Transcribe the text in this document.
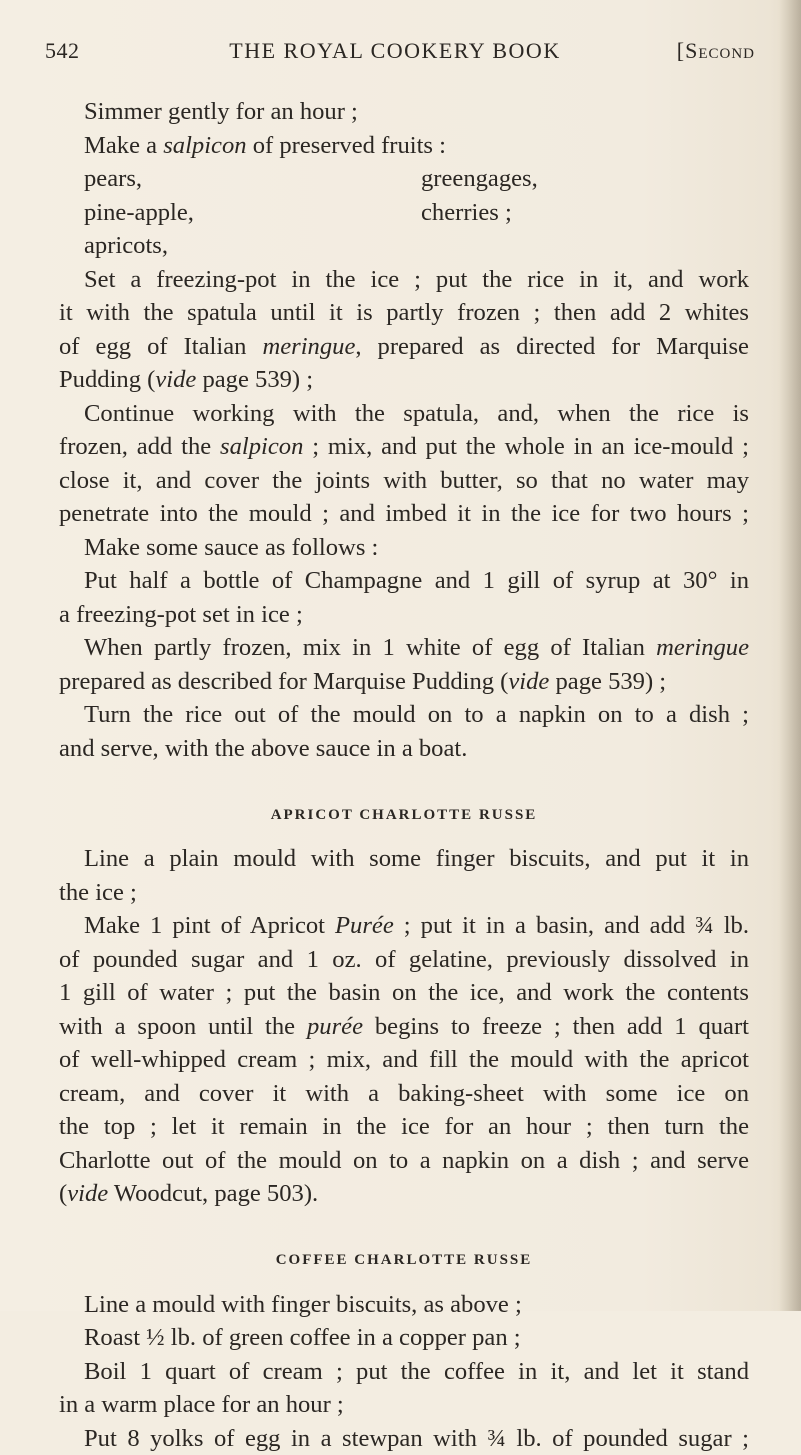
542	THE ROYAL COOKERY BOOK	[Second
Simmer gently for an hour ;
Make a salpicon of preserved fruits :
pears,	greengages,
pine-apple,	cherries ;
apricots,
Set a freezing-pot in the ice ; put the rice in it, and work
it with the spatula until it is partly frozen ; then add 2 whites
of egg of Italian meringue, prepared as directed for Marquise
Pudding (vide page 539) ;
Continue working with the spatula, and, when the rice is
frozen, add the salpicon ; mix, and put the whole in an ice-mould ;
close it, and cover the joints with butter, so that no water may
penetrate into the mould ; and imbed it in the ice for two hours ;
Make some sauce as follows :
Put half a bottle of Champagne and 1 gill of syrup at 30° in
a freezing-pot set in ice ;
When partly frozen, mix in 1 white of egg of Italian meringue
prepared as described for Marquise Pudding (vide page 539) ;
Turn the rice out of the mould on to a napkin on to a dish ;
and serve, with the above sauce in a boat.
APRICOT CHARLOTTE RUSSE
Line a plain mould with some finger biscuits, and put it in
the ice ;
Make 1 pint of Apricot Purée ; put it in a basin, and add ¾ lb.
of pounded sugar and 1 oz. of gelatine, previously dissolved in
1 gill of water ; put the basin on the ice, and work the contents
with a spoon until the purée begins to freeze ; then add 1 quart
of well-whipped cream ; mix, and fill the mould with the apricot
cream, and cover it with a baking-sheet with some ice on
the top ; let it remain in the ice for an hour ; then turn the
Charlotte out of the mould on to a napkin on a dish ; and serve
(vide Woodcut, page 503).
COFFEE CHARLOTTE RUSSE
Line a mould with finger biscuits, as above ;
Roast ½ lb. of green coffee in a copper pan ;
Boil 1 quart of cream ; put the coffee in it, and let it stand
in a warm place for an hour ;
Put 8 yolks of egg in a stewpan with ¾ lb. of pounded sugar ;
